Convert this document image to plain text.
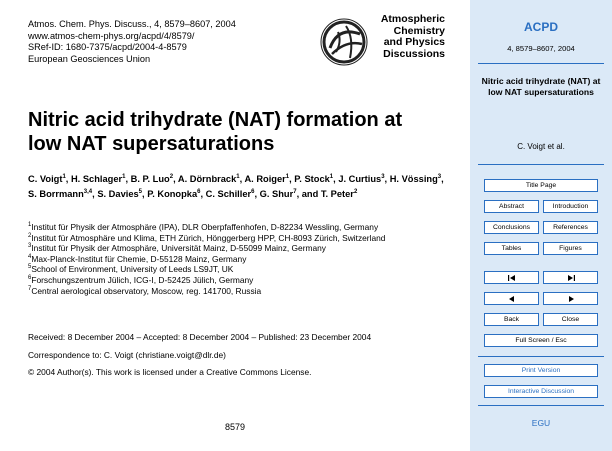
Atmos. Chem. Phys. Discuss., 4, 8579–8607, 2004
www.atmos-chem-phys.org/acpd/4/8579/
SRef-ID: 1680-7375/acpd/2004-4-8579
European Geosciences Union
Atmospheric
Chemistry
and Physics
Discussions
Nitric acid trihydrate (NAT) formation at
low NAT supersaturations
C. Voigt$^1$, H. Schlager$^1$, B. P. Luo$^2$, A. Dörnbrack$^1$, A. Roiger$^1$, P. Stock$^1$, J. Curtius$^3$, H. Vössing$^3$, S. Borrmann$^{3,4}$, S. Davies$^5$, P. Konopka$^6$, C. Schiller$^6$, G. Shur$^7$, and T. Peter$^2$
$^1$Institut für Physik der Atmosphäre (IPA), DLR Oberpfaffenhofen, D-82234 Wessling, Germany
$^2$Institut für Atmosphäre und Klima, ETH Zürich, Hönggerberg HPP, CH-8093 Zürich, Switzerland
$^3$Institut für Physik der Atmosphäre, Universität Mainz, D-55099 Mainz, Germany
$^4$Max-Planck-Institut für Chemie, D-55128 Mainz, Germany
$^5$School of Environment, University of Leeds LS9JT, UK
$^6$Forschungszentrum Jülich, ICG-I, D-52425 Jülich, Germany
$^7$Central aerological observatory, Moscow, reg. 141700, Russia
Received: 8 December 2004 – Accepted: 8 December 2004 – Published: 23 December 2004
Correspondence to: C. Voigt (christiane.voigt@dlr.de)
© 2004 Author(s). This work is licensed under a Creative Commons License.
8579
ACPD
4, 8579–8607, 2004
Nitric acid trihydrate (NAT) at low NAT supersaturations
C. Voigt et al.
Title Page
Abstract	Introduction
Conclusions	References
Tables	Figures
Back	Close
Full Screen / Esc
Print Version
Interactive Discussion
EGU
